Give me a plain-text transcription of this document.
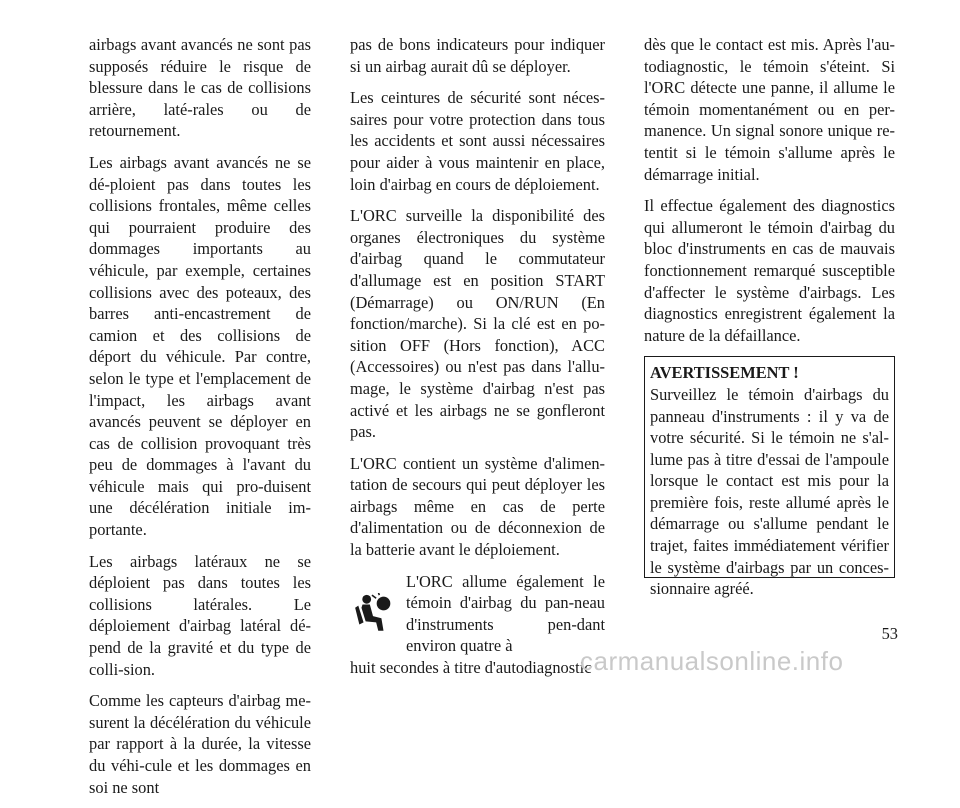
airbags avant avancés ne sont pas supposés réduire le risque de blessure dans le cas de collisions arrière, laté-rales ou de retournement.

Les airbags avant avancés ne se dé-ploient pas dans toutes les collisions frontales, même celles qui pourraient produire des dommages importants au véhicule, par exemple, certaines collisions avec des poteaux, des barres anti-encastrement de camion et des collisions de déport du véhicule. Par contre, selon le type et l'emplacement de l'impact, les airbags avant avancés peuvent se déployer en cas de collision provoquant très peu de dommages à l'avant du véhicule mais qui pro-duisent une décélération initiale im-portante.

Les airbags latéraux ne se déploient pas dans toutes les collisions latérales. Le déploiement d'airbag latéral dé-pend de la gravité et du type de colli-sion.

Comme les capteurs d'airbag me-surent la décélération du véhicule par rapport à la durée, la vitesse du véhi-cule et les dommages en soi ne sont

pas de bons indicateurs pour indiquer si un airbag aurait dû se déployer.

Les ceintures de sécurité sont néces-saires pour votre protection dans tous les accidents et sont aussi nécessaires pour aider à vous maintenir en place, loin d'airbag en cours de déploiement.

L'ORC surveille la disponibilité des organes électroniques du système d'airbag quand le commutateur d'allumage est en position START (Démarrage) ou ON/RUN (En fonction/marche). Si la clé est en po-sition OFF (Hors fonction), ACC (Accessoires) ou n'est pas dans l'allu-mage, le système d'airbag n'est pas activé et les airbags ne se gonfleront pas.

L'ORC contient un système d'alimen-tation de secours qui peut déployer les airbags même en cas de perte d'alimentation ou de déconnexion de la batterie avant le déploiement.

L'ORC allume également le témoin d'airbag du pan-neau d'instruments pen-dant environ quatre à

huit secondes à titre d'autodiagnostic

dès que le contact est mis. Après l'au-todiagnostic, le témoin s'éteint. Si l'ORC détecte une panne, il allume le témoin momentanément ou en per-manence. Un signal sonore unique re-tentit si le témoin s'allume après le démarrage initial.

Il effectue également des diagnostics qui allumeront le témoin d'airbag du bloc d'instruments en cas de mauvais fonctionnement remarqué susceptible d'affecter le système d'airbags. Les diagnostics enregistrent également la nature de la défaillance.

AVERTISSEMENT !
Surveillez le témoin d'airbags du panneau d'instruments : il y va de votre sécurité. Si le témoin ne s'al-lume pas à titre d'essai de l'ampoule lorsque le contact est mis pour la première fois, reste allumé après le démarrage ou s'allume pendant le trajet, faites immédiatement vérifier le système d'airbags par un conces-sionnaire agréé.
53
carmanualsonline.info
